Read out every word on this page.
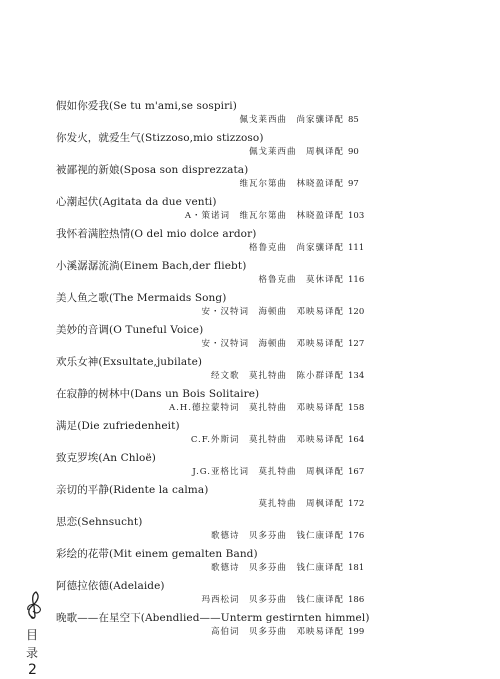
假如你爱我(Se tu m'ami,se sospiri)
佩戈莱西曲　尚家骧译配 85
你发火，就爱生气(Stizzoso,mio stizzoso)
佩戈莱西曲　周枫译配 90
被鄙视的新娘(Sposa son disprezzata)
维瓦尔第曲　林晓盈译配 97
心潮起伏(Agitata da due venti)
A・策诺词　维瓦尔第曲　林晓盈译配 103
我怀着满腔热情(O del mio dolce ardor)
格鲁克曲　尚家骧译配 111
小溪潺潺流淌(Einem Bach,der fliebt)
格鲁克曲　莫休译配 116
美人鱼之歌(The Mermaids Song)
安・汉特词　海顿曲　邓映易译配 120
美妙的音调(O Tuneful Voice)
安・汉特词　海顿曲　邓映易译配 127
欢乐女神(Exsultate,jubilate)
经文歌　莫扎特曲　陈小群译配 134
在寂静的树林中(Dans un Bois Solitaire)
A.H.德拉蒙特词　莫扎特曲　邓映易译配 158
满足(Die zufriedenheit)
C.F.外斯词　莫扎特曲　邓映易译配 164
致克罗埃(An Chloë)
J.G.亚格比词　莫扎特曲　周枫译配 167
亲切的平静(Ridente la calma)
莫扎特曲　周枫译配 172
思恋(Sehnsucht)
歌德诗　贝多芬曲　钱仁康译配 176
彩绘的花带(Mit einem gemalten Band)
歌德诗　贝多芬曲　钱仁康译配 181
阿德拉依德(Adelaide)
玛西松词　贝多芬曲　钱仁康译配 186
晚歌——在星空下(Abendlied——Unterm gestirnten himmel)
高伯词　贝多芬曲　邓映易译配 199
目
录
2
